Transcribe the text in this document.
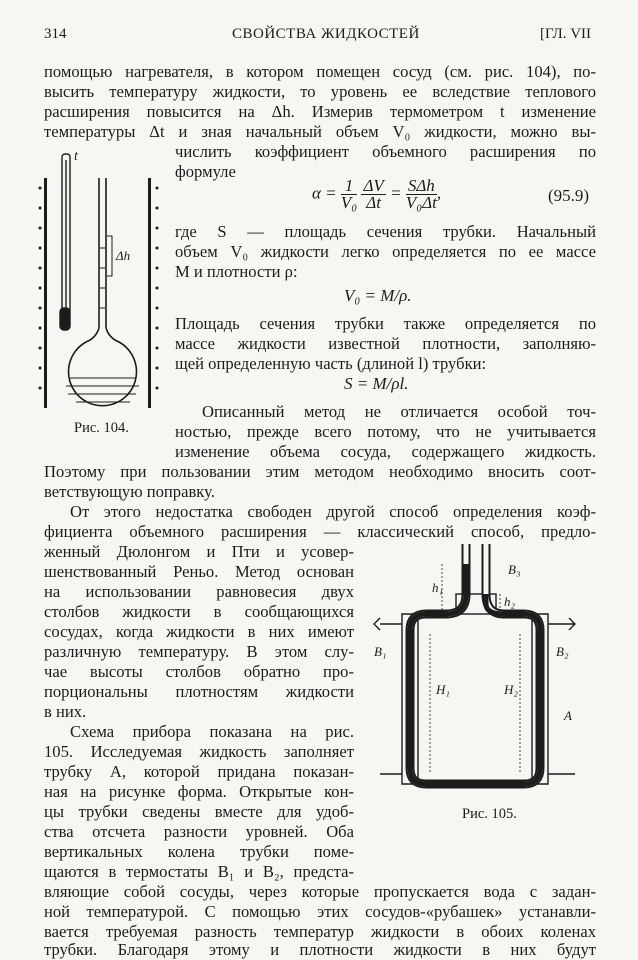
314	СВОЙСТВА ЖИДКОСТЕЙ	[ГЛ. VII
помощью нагревателя, в котором помещен сосуд (см. рис. 104), по-
высить температуру жидкости, то уровень ее вследствие теплового
расширения повысится на Δh. Измерив термометром t изменение
температуры Δt и зная начальный объем V₀ жидкости, можно вы-
числить коэффициент объемного расширения по
формуле
$\alpha = \frac{1}{\text{V₀}}$
$\frac{\Delta V}{\Delta t} = \frac{\text{SΔh}}{\text{V₀Δt}}$ ,	(95.9)
где S — площадь сечения трубки. Начальный
объем V₀ жидкости легко определяется по ее массе
M и плотности ρ:
V₀ = M/ρ.
Площадь сечения трубки также определяется по
массе жидкости известной плотности, заполняю-
щей определенную часть (длиной l) трубки:
S = M/ρl.
Описанный метод не отличается особой точ-
ностью, прежде всего потому, что не учитывается
изменение объема сосуда, содержащего жидкость.
Поэтому при пользовании этим методом необходимо вносить соот-
ветствующую поправку.
От этого недостатка свободен другой способ определения коэф-
фициента объемного расширения — классический способ, предло-
женный Дюлонгом и Пти и усовер-
шенствованный Реньо. Метод основан
на использовании равновесия двух
столбов жидкости в сообщающихся
сосудах, когда жидкости в них имеют
различную температуру. В этом слу-
чае высоты столбов обратно про-
порциональны плотностям жидкости
в них.
Схема прибора показана на рис.
105. Исследуемая жидкость заполняет
трубку A, которой придана показан-
ная на рисунке форма. Открытые кон-
цы трубки сведены вместе для удоб-
ства отсчета разности уровней. Оба
вертикальных колена трубки поме-
щаются в термостаты B₁ и B₂, предста-
вляющие собой сосуды, через которые пропускается вода с задан-
ной температурой. С помощью этих сосудов-«рубашек» устанавли-
вается требуемая разность температур жидкости в обоих коленах
трубки. Благодаря этому и плотности жидкости в них будут
t
Δh
Рис. 104.
h₁
h₂
H₁	H₂
B₁	B₂
B₃
A
Рис. 105.
